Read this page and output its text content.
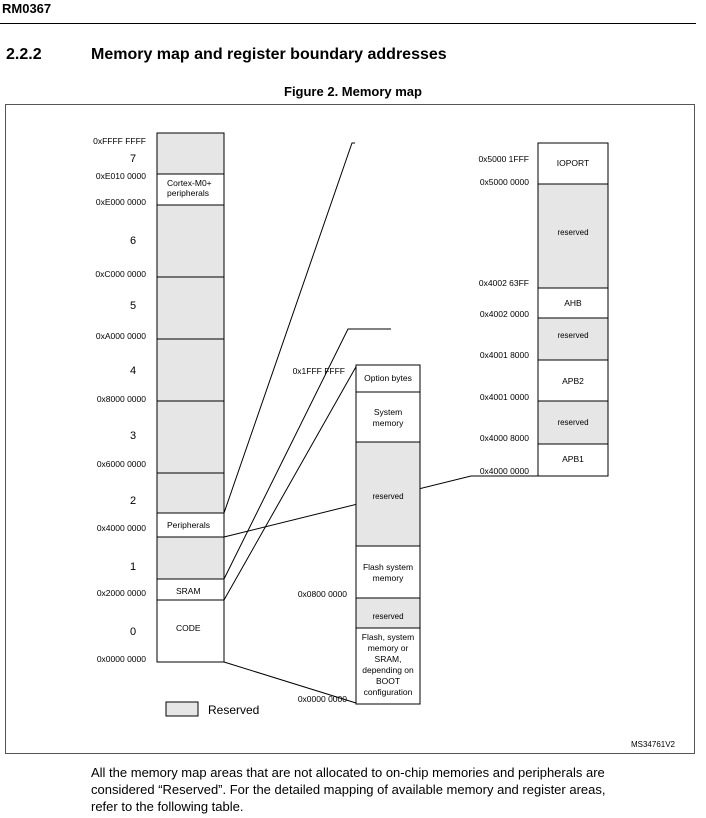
RM0367
2.2.2	Memory map and register boundary addresses
Figure 2. Memory map
0xFFFF FFFF
0xE010 0000
0xE000 0000
0xC000 0000
0xA000 0000
0x8000 0000
0x6000 0000
0x4000 0000
0x2000 0000
0x0000 0000
7
6
5
4
3
2
1
0
Cortex-M0+
peripherals
Peripherals
SRAM
CODE
0x1FFF FFFF
0x0800 0000
0x0000 0000
Option bytes
System
memory
reserved
Flash system
memory
reserved
Flash, system
memory or
SRAM,
depending on
BOOT
configuration
0x5000 1FFF
0x5000 0000
0x4002 63FF
0x4002 0000
0x4001 8000
0x4001 0000
0x4000 8000
0x4000 0000
IOPORT
reserved
AHB
reserved
APB2
reserved
APB1
Reserved
MS34761V2
All the memory map areas that are not allocated to on-chip memories and peripherals are
considered “Reserved”. For the detailed mapping of available memory and register areas,
refer to the following table.
